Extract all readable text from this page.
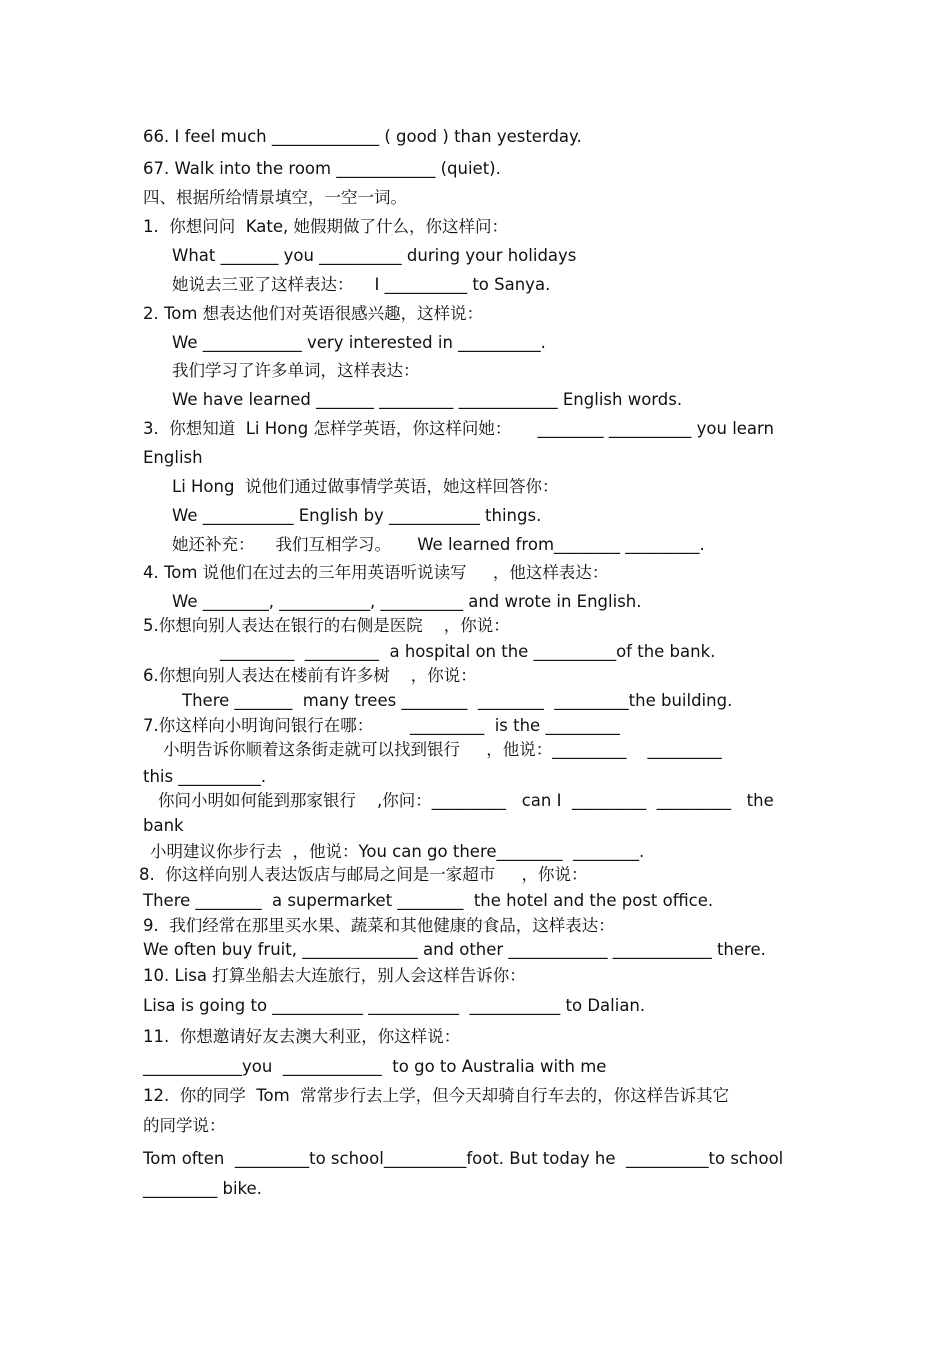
66. I feel much _____________ ( good ) than yesterday.

67. Walk into the room ____________ (quiet).

四、根据所给情景填空，一空一词。

1.  你想问问  Kate, 她假期做了什么，你这样问：

What _______ you __________ during your holidays

她说去三亚了这样表达：    I __________ to Sanya.

2. Tom 想表达他们对英语很感兴趣，这样说：

We ____________ very interested in __________.

我们学习了许多单词，这样表达：

We have learned _______ _________ ____________ English words.

3.  你想知道  Li Hong 怎样学英语，你这样问她：     ________ __________ you learn

English

Li Hong  说他们通过做事情学英语，她这样回答你：

We ___________ English by ___________ things.

她还补充：    我们互相学习。     We learned from________ _________.

4. Tom 说他们在过去的三年用英语听说读写     ，他这样表达：

We ________, ___________, __________ and wrote in English.

5.你想向别人表达在银行的右侧是医院    ，你说：

_________  _________  a hospital on the __________of the bank.

6.你想向别人表达在楼前有许多树    ，你说：

There _______  many trees ________  ________  _________the building.

7.你这样向小明询问银行在哪：       _________  is the _________

小明告诉你顺着这条街走就可以找到银行     ，他说：_________    _________

this __________.

你问小明如何能到那家银行    ,你问：_________   can I  _________  _________   the

bank

小明建议你步行去  ，他说：You can go there________  ________.

8.  你这样向别人表达饭店与邮局之间是一家超市     ，你说：

There ________  a supermarket ________  the hotel and the post office.

9.  我们经常在那里买水果、蔬菜和其他健康的食品，这样表达：

We often buy fruit, ______________ and other ____________ ____________ there.

10. Lisa 打算坐船去大连旅行，别人会这样告诉你：

Lisa is going to ___________ ___________  ___________ to Dalian.

11.  你想邀请好友去澳大利亚，你这样说：

____________you  ____________  to go to Australia with me

12.  你的同学  Tom  常常步行去上学，但今天却骑自行车去的，你这样告诉其它

的同学说：

Tom often  _________to school__________foot. But today he  __________to school

_________ bike.
